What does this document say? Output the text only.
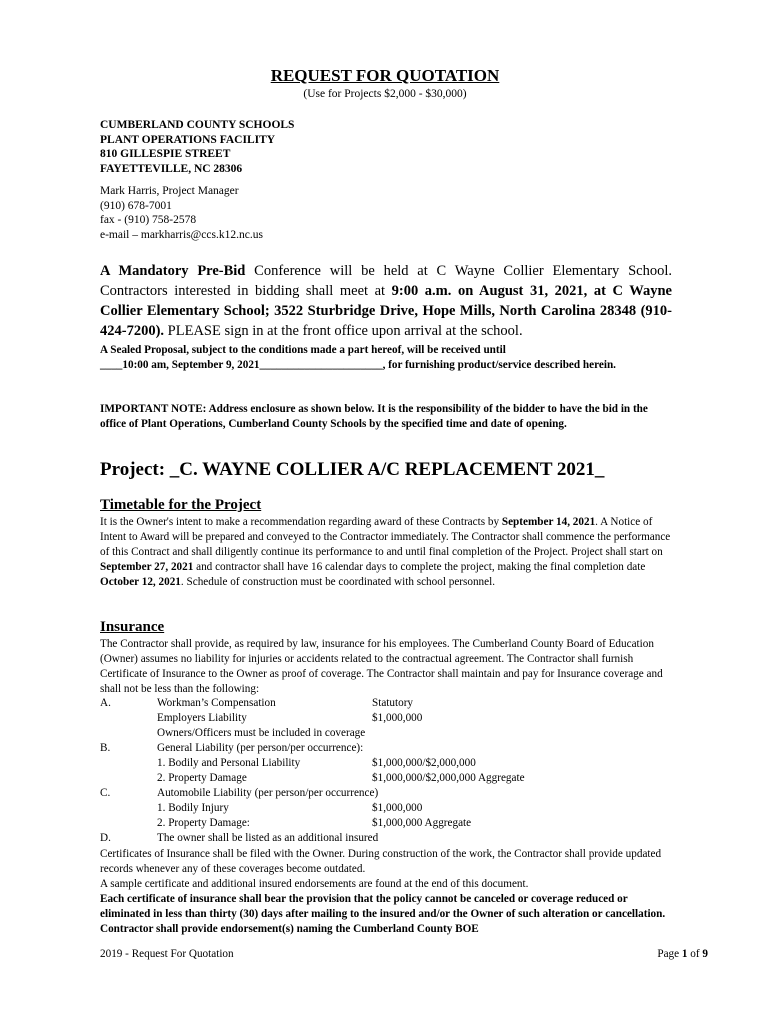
REQUEST FOR QUOTATION
(Use for Projects $2,000 - $30,000)
CUMBERLAND COUNTY SCHOOLS
PLANT OPERATIONS FACILITY
810 GILLESPIE STREET
FAYETTEVILLE, NC 28306
Mark Harris, Project Manager
(910) 678-7001
fax - (910) 758-2578
e-mail – markharris@ccs.k12.nc.us
A Mandatory Pre-Bid Conference will be held at C Wayne Collier Elementary School. Contractors interested in bidding shall meet at 9:00 a.m. on August 31, 2021, at C Wayne Collier Elementary School; 3522 Sturbridge Drive, Hope Mills, North Carolina 28348 (910-424-7200). PLEASE sign in at the front office upon arrival at the school.
A Sealed Proposal, subject to the conditions made a part hereof, will be received until
____10:00 am, September 9, 2021______________________, for furnishing product/service described herein.
IMPORTANT NOTE: Address enclosure as shown below. It is the responsibility of the bidder to have the bid in the office of Plant Operations, Cumberland County Schools by the specified time and date of opening.
Project: _C. WAYNE COLLIER A/C REPLACEMENT 2021_
Timetable for the Project
It is the Owner's intent to make a recommendation regarding award of these Contracts by September 14, 2021. A Notice of Intent to Award will be prepared and conveyed to the Contractor immediately. The Contractor shall commence the performance of this Contract and shall diligently continue its performance to and until final completion of the Project. Project shall start on September 27, 2021 and contractor shall have 16 calendar days to complete the project, making the final completion date October 12, 2021. Schedule of construction must be coordinated with school personnel.
Insurance
The Contractor shall provide, as required by law, insurance for his employees. The Cumberland County Board of Education (Owner) assumes no liability for injuries or accidents related to the contractual agreement. The Contractor shall furnish Certificate of Insurance to the Owner as proof of coverage. The Contractor shall maintain and pay for Insurance coverage and shall not be less than the following:
A.	Workman’s Compensation	Statutory
Employers Liability	$1,000,000
Owners/Officers must be included in coverage
B.	General Liability (per person/per occurrence):
1. Bodily and Personal Liability	$1,000,000/$2,000,000
2. Property Damage	$1,000,000/$2,000,000 Aggregate
C.	Automobile Liability (per person/per occurrence)
1. Bodily Injury	$1,000,000
2. Property Damage:	$1,000,000 Aggregate
D.	The owner shall be listed as an additional insured
Certificates of Insurance shall be filed with the Owner. During construction of the work, the Contractor shall provide updated records whenever any of these coverages become outdated.
A sample certificate and additional insured endorsements are found at the end of this document.
Each certificate of insurance shall bear the provision that the policy cannot be canceled or coverage reduced or eliminated in less than thirty (30) days after mailing to the insured and/or the Owner of such alteration or cancellation. Contractor shall provide endorsement(s) naming the Cumberland County BOE
2019 - Request For Quotation	Page 1 of 9
